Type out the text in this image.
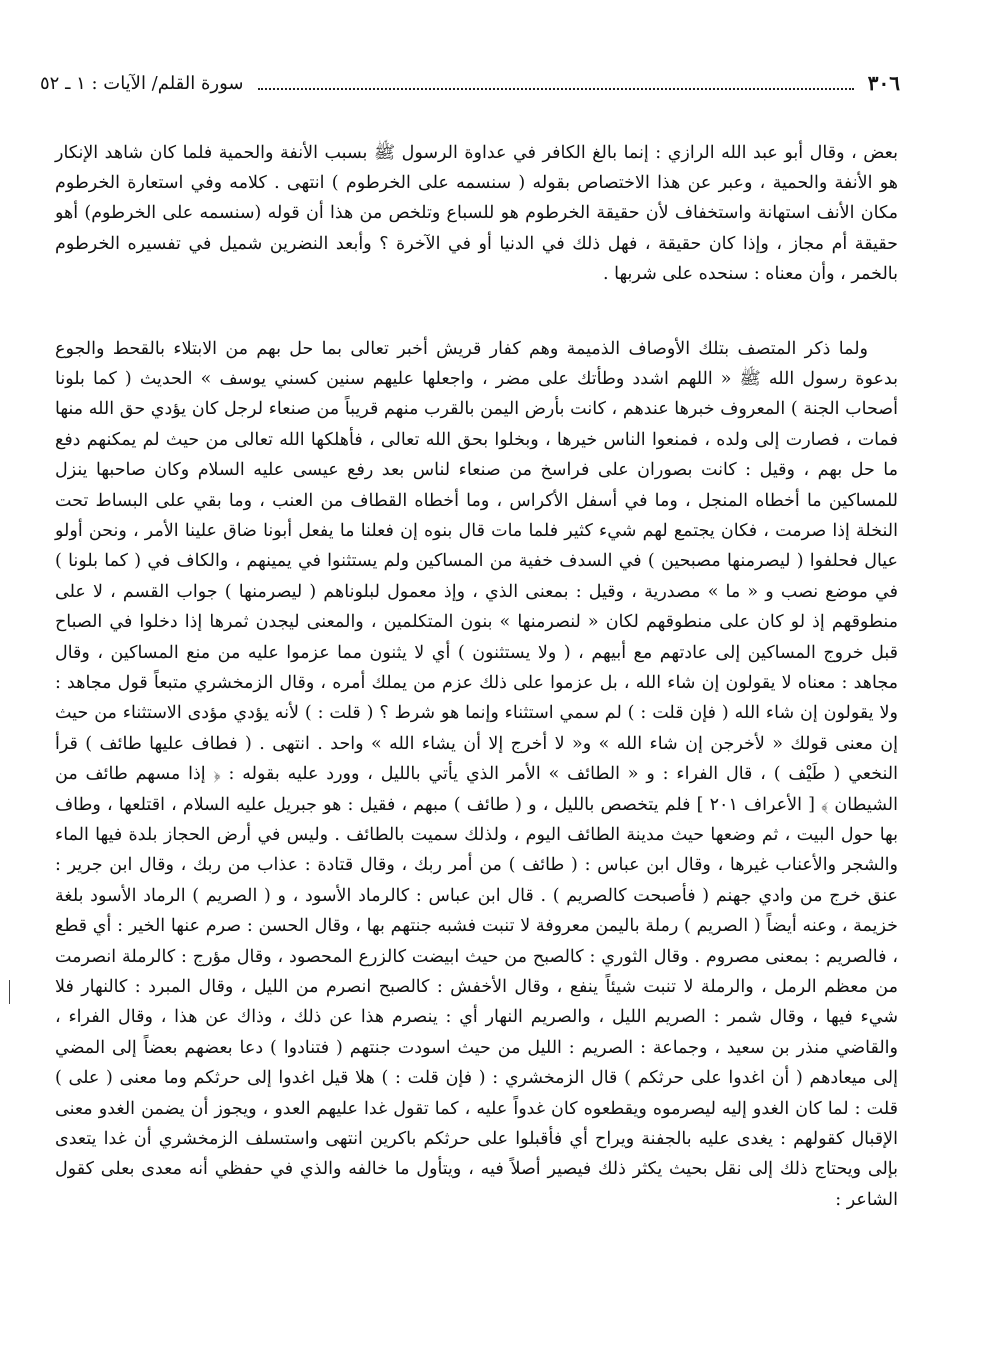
٣٠٦
سورة القلم/ الآيات : ١ ـ ٥٢

بعض ، وقال أبو عبد الله الرازي : إنما بالغ الكافر في عداوة الرسول ﷺ بسبب الأنفة والحمية فلما كان شاهد الإنكار هو الأنفة والحمية ، وعبر عن هذا الاختصاص بقوله ( سنسمه على الخرطوم ) انتهى . كلامه وفي استعارة الخرطوم مكان الأنف استهانة واستخفاف لأن حقيقة الخرطوم هو للسباع وتلخص من هذا أن قوله (سنسمه على الخرطوم) أهو حقيقة أم مجاز ، وإذا كان حقيقة ، فهل ذلك في الدنيا أو في الآخرة ؟ وأبعد النضرين شميل في تفسيره الخرطوم بالخمر ، وأن معناه : سنحده على شربها .

ولما ذكر المتصف بتلك الأوصاف الذميمة وهم كفار قريش أخبر تعالى بما حل بهم من الابتلاء بالقحط والجوع بدعوة رسول الله ﷺ « اللهم اشدد وطأتك على مضر ، واجعلها عليهم سنين كسني يوسف » الحديث ( كما بلونا أصحاب الجنة ) المعروف خبرها عندهم ، كانت بأرض اليمن بالقرب منهم قريباً من صنعاء لرجل كان يؤدي حق الله منها فمات ، فصارت إلى ولده ، فمنعوا الناس خيرها ، وبخلوا بحق الله تعالى ، فأهلكها الله تعالى من حيث لم يمكنهم دفع ما حل بهم ، وقيل : كانت بصوران على فراسخ من صنعاء لناس بعد رفع عيسى عليه السلام وكان صاحبها ينزل للمساكين ما أخطاه المنجل ، وما في أسفل الأكراس ، وما أخطاه القطاف من العنب ، وما بقي على البساط تحت النخلة إذا صرمت ، فكان يجتمع لهم شيء كثير فلما مات قال بنوه إن فعلنا ما يفعل أبونا ضاق علينا الأمر ، ونحن أولو عيال فحلفوا ( ليصرمنها مصبحين ) في السدف خفية من المساكين ولم يستثنوا في يمينهم ، والكاف في ( كما بلونا ) في موضع نصب و « ما » مصدرية ، وقيل : بمعنى الذي ، وإذ معمول لبلوناهم ( ليصرمنها ) جواب القسم ، لا على منطوقهم إذ لو كان على منطوقهم لكان « لنصرمنها » بنون المتكلمين ، والمعنى ليجدن ثمرها إذا دخلوا في الصباح قبل خروج المساكين إلى عادتهم مع أبيهم ، ( ولا يستثنون ) أي لا يثنون مما عزموا عليه من منع المساكين ، وقال مجاهد : معناه لا يقولون إن شاء الله ، بل عزموا على ذلك عزم من يملك أمره ، وقال الزمخشري متبعاً قول مجاهد : ولا يقولون إن شاء الله ( فإن قلت : ) لم سمي استثناء وإنما هو شرط ؟ ( قلت : ) لأنه يؤدي مؤدى الاستثناء من حيث إن معنى قولك « لأخرجن إن شاء الله » و« لا أخرج إلا أن يشاء الله » واحد . انتهى . ( فطاف عليها طائف ) قرأ النخعي ( طَيْف ) ، قال الفراء : و « الطائف » الأمر الذي يأتي بالليل ، وورد عليه بقوله : ﴿ إذا مسهم طائف من الشيطان ﴾ [ الأعراف ٢٠١ ] فلم يتخصص بالليل ، و ( طائف ) مبهم ، فقيل : هو جبريل عليه السلام ، اقتلعها ، وطاف بها حول البيت ، ثم وضعها حيث مدينة الطائف اليوم ، ولذلك سميت بالطائف . وليس في أرض الحجاز بلدة فيها الماء والشجر والأعناب غيرها ، وقال ابن عباس : ( طائف ) من أمر ربك ، وقال قتادة : عذاب من ربك ، وقال ابن جرير : عنق خرج من وادي جهنم ( فأصبحت كالصريم ) . قال ابن عباس : كالرماد الأسود ، و ( الصريم ) الرماد الأسود بلغة خزيمة ، وعنه أيضاً ( الصريم ) رملة باليمن معروفة لا تنبت فشبه جنتهم بها ، وقال الحسن : صرم عنها الخير : أي قطع ، فالصريم : بمعنى مصروم . وقال الثوري : كالصبح من حيث ابيضت كالزرع المحصود ، وقال مؤرج : كالرملة انصرمت من معظم الرمل ، والرملة لا تنبت شيئاً ينفع ، وقال الأخفش : كالصبح انصرم من الليل ، وقال المبرد : كالنهار فلا شيء فيها ، وقال شمر : الصريم الليل ، والصريم النهار أي : ينصرم هذا عن ذلك ، وذاك عن هذا ، وقال الفراء ، والقاضي منذر بن سعيد ، وجماعة : الصريم : الليل من حيث اسودت جنتهم ( فتنادوا ) دعا بعضهم بعضاً إلى المضي إلى ميعادهم ( أن اغدوا على حرثكم ) قال الزمخشري : ( فإن قلت : ) هلا قيل اغدوا إلى حرثكم وما معنى ( على ) قلت : لما كان الغدو إليه ليصرموه ويقطعوه كان غدواً عليه ، كما تقول غدا عليهم العدو ، ويجوز أن يضمن الغدو معنى الإقبال كقولهم : يغدى عليه بالجفنة ويراح أي فأقبلوا على حرثكم باكرين انتهى واستسلف الزمخشري أن غدا يتعدى بإلى ويحتاج ذلك إلى نقل بحيث يكثر ذلك فيصير أصلاً فيه ، ويتأول ما خالفه والذي في حفظي أنه معدى بعلى كقول الشاعر :
